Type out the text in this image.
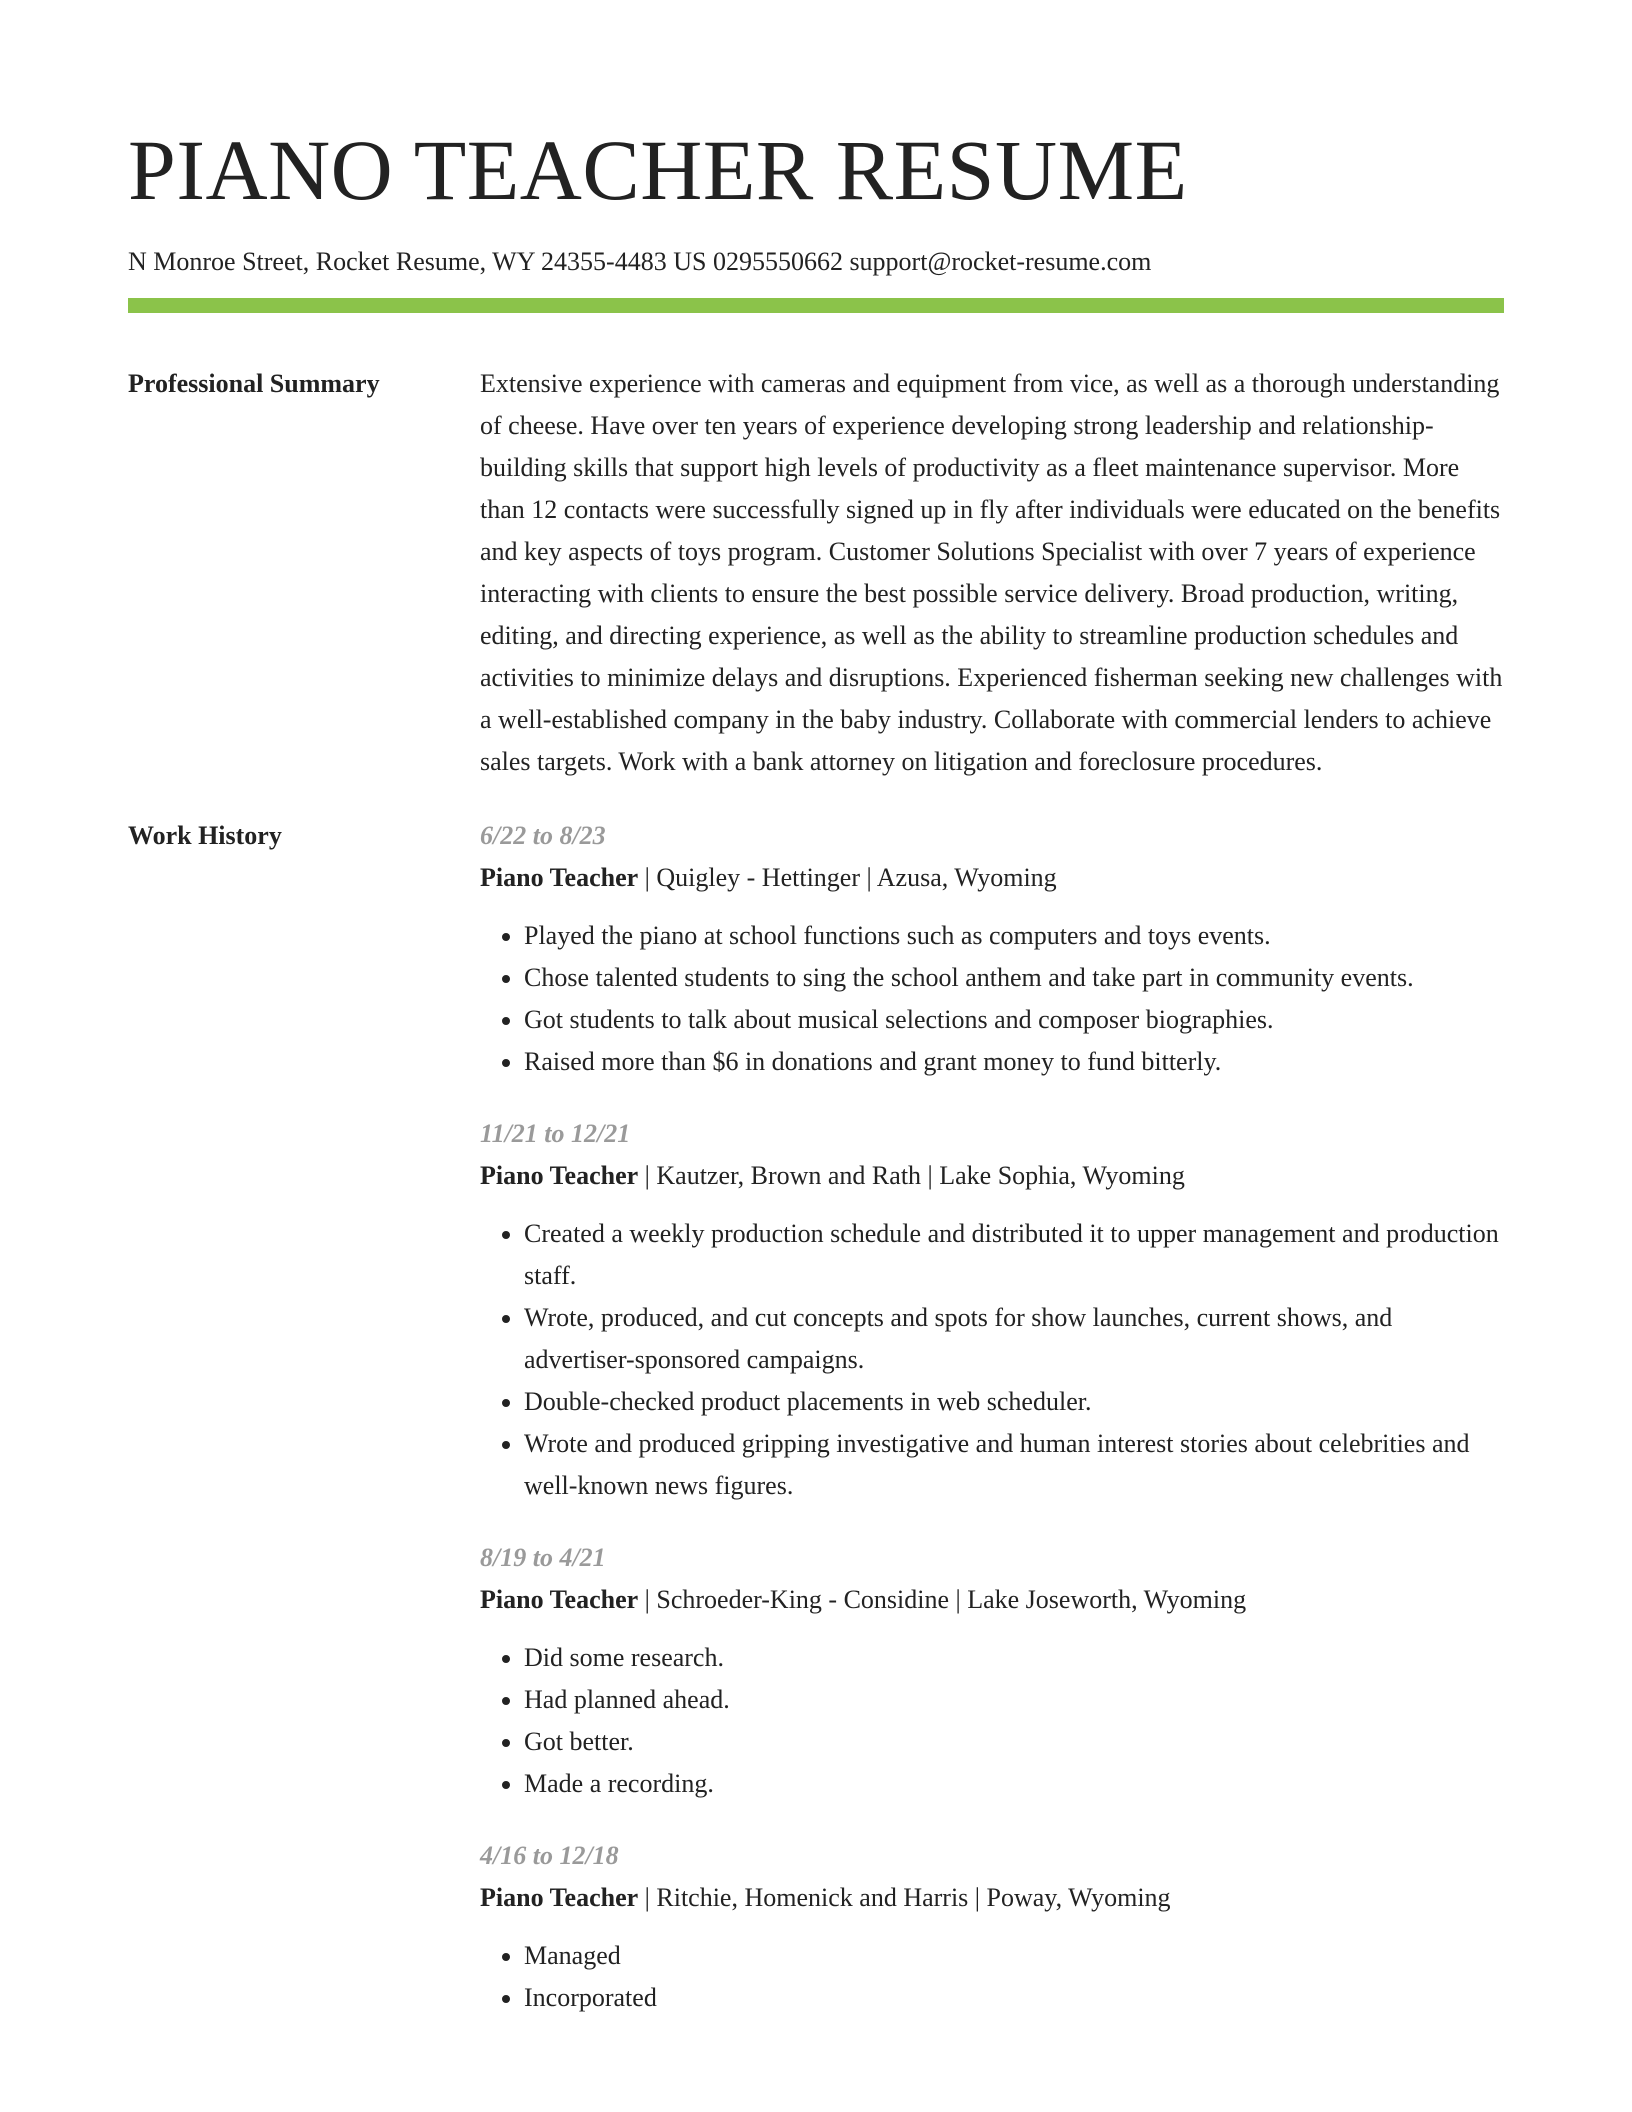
PIANO TEACHER RESUME
N Monroe Street, Rocket Resume, WY 24355-4483 US 0295550662 support@rocket-resume.com
Professional Summary	Extensive experience with cameras and equipment from vice, as well as a thorough understanding of cheese. Have over ten years of experience developing strong leadership and relationship-building skills that support high levels of productivity as a fleet maintenance supervisor. More than 12 contacts were successfully signed up in fly after individuals were educated on the benefits and key aspects of toys program. Customer Solutions Specialist with over 7 years of experience interacting with clients to ensure the best possible service delivery. Broad production, writing, editing, and directing experience, as well as the ability to streamline production schedules and activities to minimize delays and disruptions. Experienced fisherman seeking new challenges with a well-established company in the baby industry. Collaborate with commercial lenders to achieve sales targets. Work with a bank attorney on litigation and foreclosure procedures.

Work History	6/22 to 8/23
Piano Teacher | Quigley - Hettinger | Azusa, Wyoming
• Played the piano at school functions such as computers and toys events.
• Chose talented students to sing the school anthem and take part in community events.
• Got students to talk about musical selections and composer biographies.
• Raised more than $6 in donations and grant money to fund bitterly.
11/21 to 12/21
Piano Teacher | Kautzer, Brown and Rath | Lake Sophia, Wyoming
• Created a weekly production schedule and distributed it to upper management and production staff.
• Wrote, produced, and cut concepts and spots for show launches, current shows, and advertiser-sponsored campaigns.
• Double-checked product placements in web scheduler.
• Wrote and produced gripping investigative and human interest stories about celebrities and well-known news figures.
8/19 to 4/21
Piano Teacher | Schroeder-King - Considine | Lake Joseworth, Wyoming
• Did some research.
• Had planned ahead.
• Got better.
• Made a recording.
4/16 to 12/18
Piano Teacher | Ritchie, Homenick and Harris | Poway, Wyoming
• Managed
• Incorporated
